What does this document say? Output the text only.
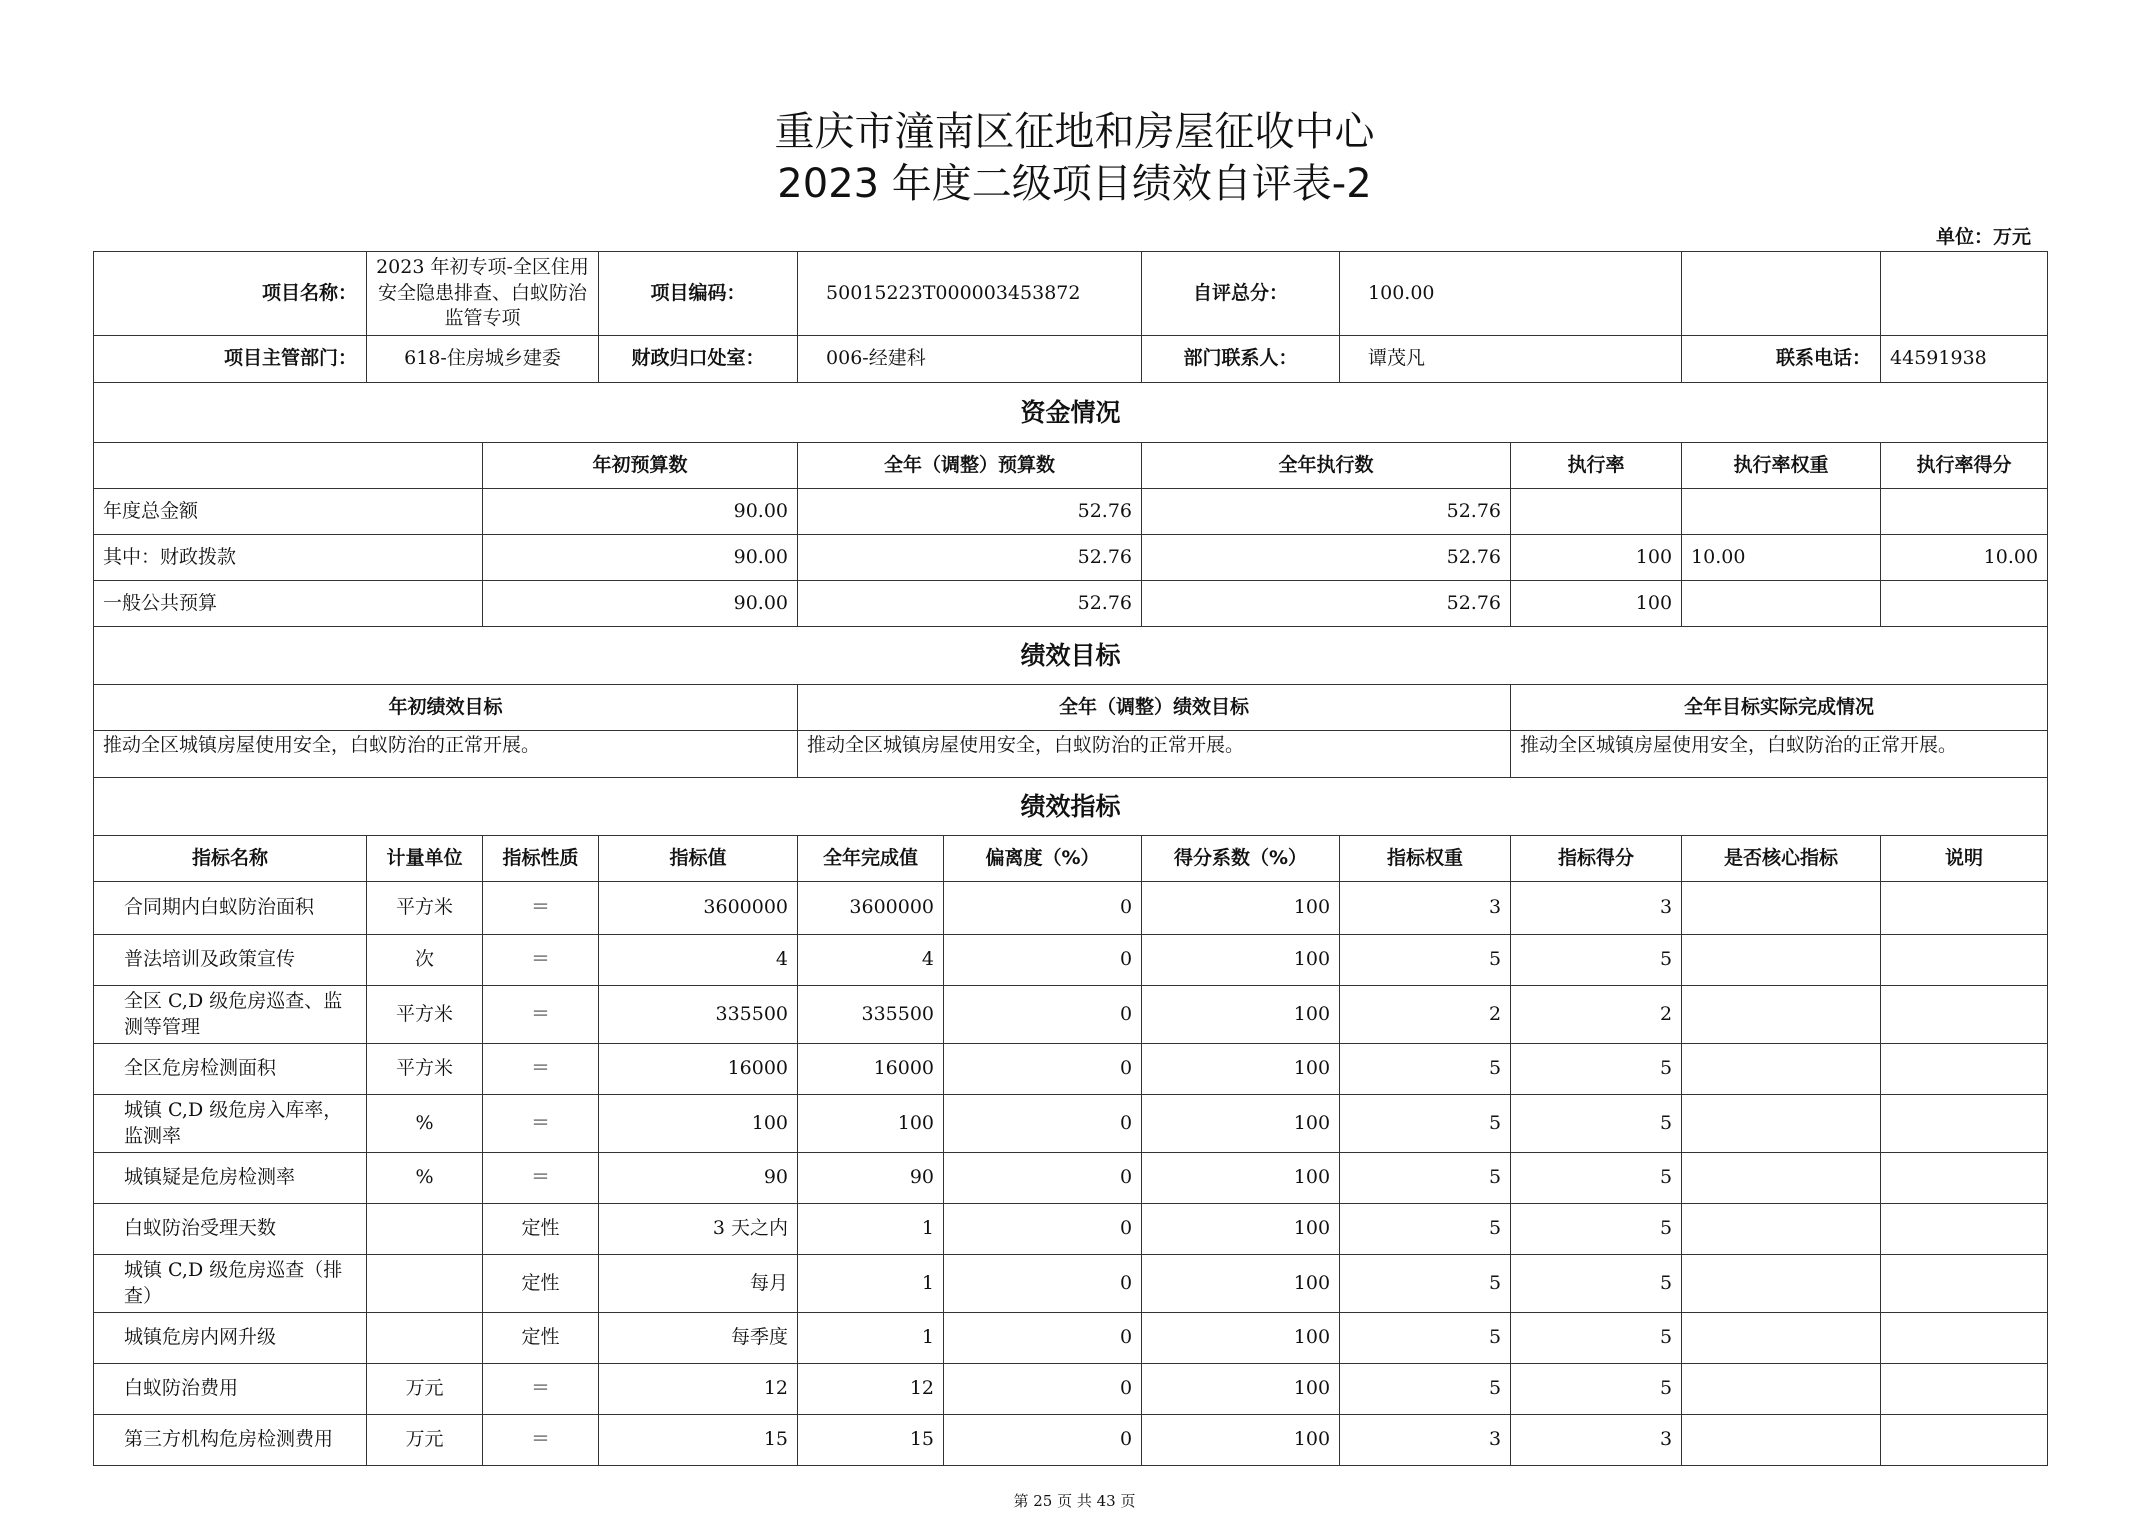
重庆市潼南区征地和房屋征收中心
2023 年度二级项目绩效自评表-2
单位：万元
项目名称：	2023 年初专项-全区住用安全隐患排查、白蚁防治监管专项		项目编码：	50015223T000003453872		自评总分：	100.00			
项目主管部门：	618-住房城乡建委		财政归口处室：	006-经建科		部门联系人：	谭茂凡		联系电话：	44591938
资金情况										
		年初预算数		全年（调整）预算数		全年执行数		执行率	执行率权重	执行率得分
年度总金额		90.00		52.76		52.76				
其中：财政拨款		90.00		52.76		52.76		100	10.00	10.00
一般公共预算		90.00		52.76		52.76		100		
绩效目标										
年初绩效目标				全年（调整）绩效目标				全年目标实际完成情况		
推动全区城镇房屋使用安全，白蚁防治的正常开展。				推动全区城镇房屋使用安全，白蚁防治的正常开展。				推动全区城镇房屋使用安全，白蚁防治的正常开展。		
绩效指标										
指标名称	计量单位	指标性质	指标值	全年完成值	偏离度（%）	得分系数（%）	指标权重	指标得分	是否核心指标	说明
合同期内白蚁防治面积	平方米	＝	3600000	3600000	0	100	3	3		
普法培训及政策宣传	次	＝	4	4	0	100	5	5		
全区 C,D 级危房巡查、监测等管理	平方米	＝	335500	335500	0	100	2	2		
全区危房检测面积	平方米	＝	16000	16000	0	100	5	5		
城镇 C,D 级危房入库率，监测率	%	＝	100	100	0	100	5	5		
城镇疑是危房检测率	%	＝	90	90	0	100	5	5		
白蚁防治受理天数		定性	3 天之内	1	0	100	5	5		
城镇 C,D 级危房巡查（排查）		定性	每月	1	0	100	5	5		
城镇危房内网升级		定性	每季度	1	0	100	5	5		
白蚁防治费用	万元	＝	12	12	0	100	5	5		
第三方机构危房检测费用	万元	＝	15	15	0	100	3	3		
第 25 页 共 43 页
